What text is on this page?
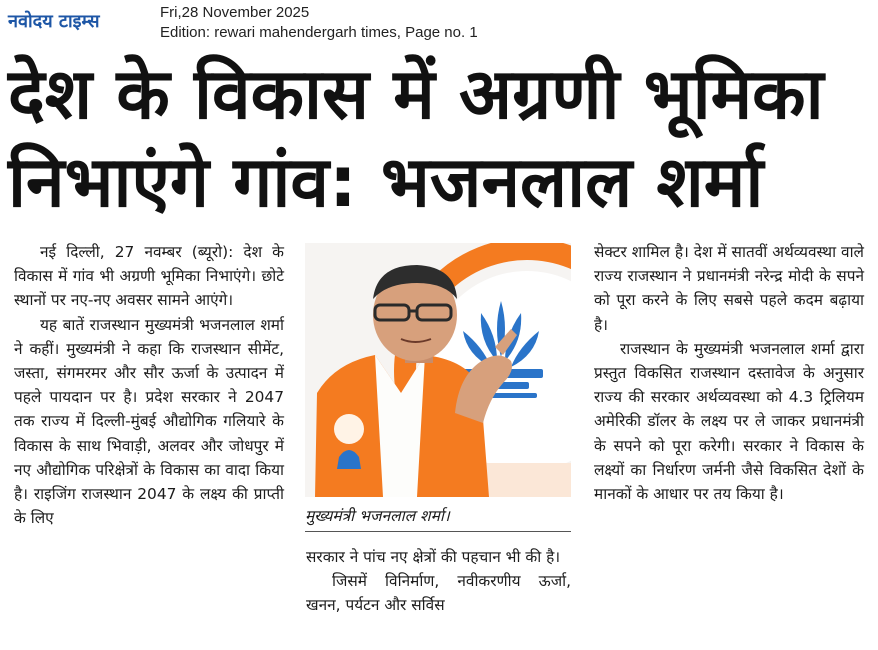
नवोदय टाइम्स	Fri,28 November 2025
Edition: rewari mahendergarh times, Page no. 1
देश के विकास में अग्रणी भूमिका
निभाएंगे गांव: भजनलाल शर्मा

नई दिल्ली, 27 नवम्बर (ब्यूरो): देश के विकास में गांव भी अग्रणी भूमिका निभाएंगे। छोटे स्थानों पर नए-नए अवसर सामने आएंगे।

यह बातें राजस्थान मुख्यमंत्री भजनलाल शर्मा ने कहीं। मुख्यमंत्री ने कहा कि राजस्थान सीमेंट, जस्ता, संगमरमर और सौर ऊर्जा के उत्पादन में पहले पायदान पर है। प्रदेश सरकार ने 2047 तक राज्य में दिल्ली-मुंबई औद्योगिक गलियारे के विकास के साथ भिवाड़ी, अलवर और जोधपुर में नए औद्योगिक परिक्षेत्रों के विकास का वादा किया है। राइजिंग राजस्थान 2047 के लक्ष्य की प्राप्ती के लिए	मुख्यमंत्री भजनलाल शर्मा।

सरकार ने पांच नए क्षेत्रों की पहचान भी की है।

जिसमें विनिर्माण, नवीकरणीय ऊर्जा, खनन, पर्यटन और सर्विस

सेक्टर शामिल है। देश में सातवीं अर्थव्यवस्था वाले राज्य राजस्थान ने प्रधानमंत्री नरेन्द्र मोदी के सपने को पूरा करने के लिए सबसे पहले कदम बढ़ाया है।

राजस्थान के मुख्यमंत्री भजनलाल शर्मा द्वारा प्रस्तुत विकसित राजस्थान दस्तावेज के अनुसार राज्य की सरकार अर्थव्यवस्था को 4.3 ट्रिलियम अमेरिकी डॉलर के लक्ष्य पर ले जाकर प्रधानमंत्री के सपने को पूरा करेगी। सरकार ने विकास के लक्ष्यों का निर्धारण जर्मनी जैसे विकसित देशों के मानकों के आधार पर तय किया है।
